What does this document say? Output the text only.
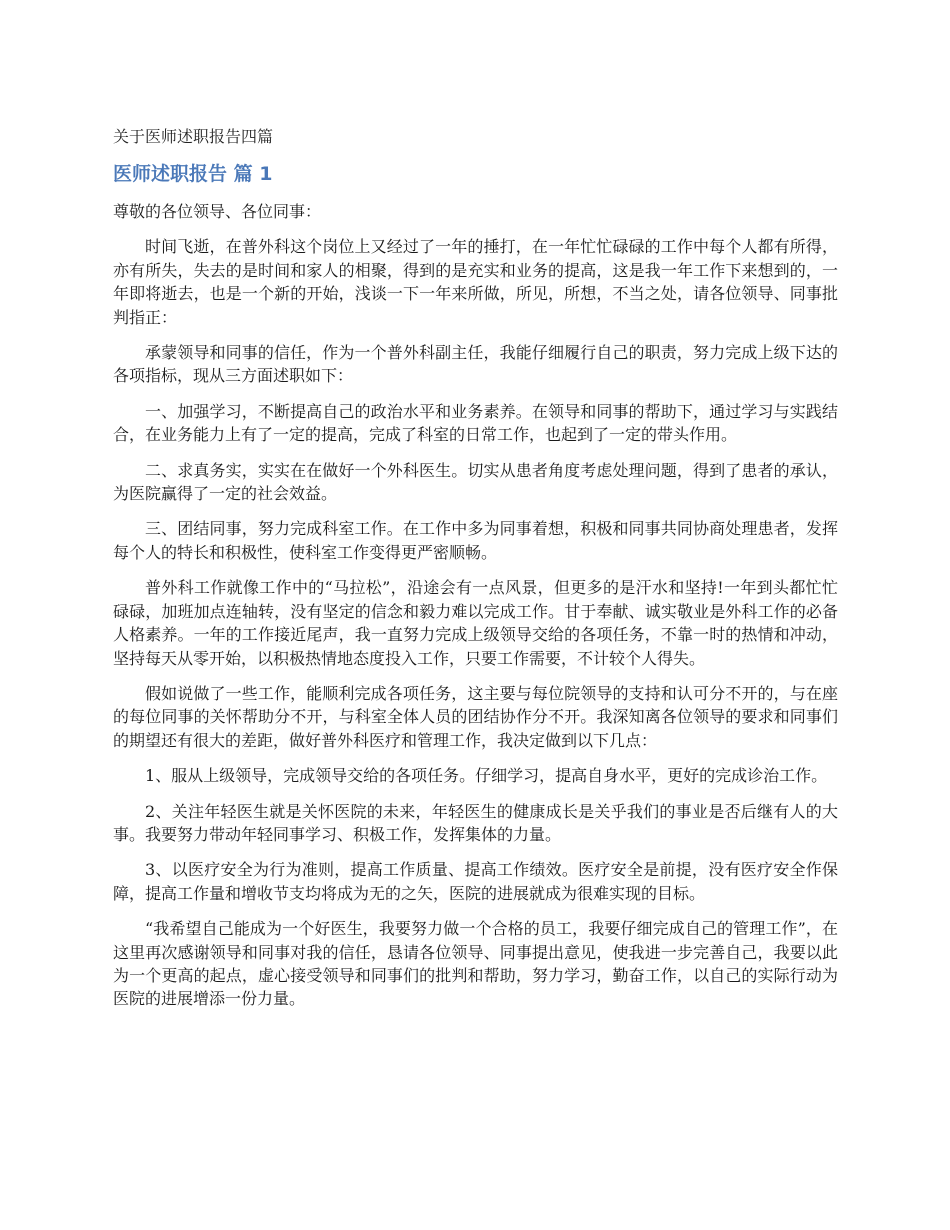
关于医师述职报告四篇
医师述职报告 篇 1

尊敬的各位领导、各位同事：

时间飞逝，在普外科这个岗位上又经过了一年的捶打，在一年忙忙碌碌的工作中每个人都有所得，亦有所失，失去的是时间和家人的相聚，得到的是充实和业务的提高，这是我一年工作下来想到的，一年即将逝去，也是一个新的开始，浅谈一下一年来所做，所见，所想，不当之处，请各位领导、同事批判指正：

承蒙领导和同事的信任，作为一个普外科副主任，我能仔细履行自己的职责，努力完成上级下达的各项指标，现从三方面述职如下：

一、加强学习，不断提高自己的政治水平和业务素养。在领导和同事的帮助下，通过学习与实践结合，在业务能力上有了一定的提高，完成了科室的日常工作，也起到了一定的带头作用。

二、求真务实，实实在在做好一个外科医生。切实从患者角度考虑处理问题，得到了患者的承认，为医院赢得了一定的社会效益。

三、团结同事，努力完成科室工作。在工作中多为同事着想，积极和同事共同协商处理患者，发挥每个人的特长和积极性，使科室工作变得更严密顺畅。

普外科工作就像工作中的“马拉松”，沿途会有一点风景，但更多的是汗水和坚持!一年到头都忙忙碌碌，加班加点连轴转，没有坚定的信念和毅力难以完成工作。甘于奉献、诚实敬业是外科工作的必备人格素养。一年的工作接近尾声，我一直努力完成上级领导交给的各项任务，不靠一时的热情和冲动，坚持每天从零开始，以积极热情地态度投入工作，只要工作需要，不计较个人得失。

假如说做了一些工作，能顺利完成各项任务，这主要与每位院领导的支持和认可分不开的，与在座的每位同事的关怀帮助分不开，与科室全体人员的团结协作分不开。我深知离各位领导的要求和同事们的期望还有很大的差距，做好普外科医疗和管理工作，我决定做到以下几点：

1、服从上级领导，完成领导交给的各项任务。仔细学习，提高自身水平，更好的完成诊治工作。

2、关注年轻医生就是关怀医院的未来，年轻医生的健康成长是关乎我们的事业是否后继有人的大事。我要努力带动年轻同事学习、积极工作，发挥集体的力量。

3、以医疗安全为行为准则，提高工作质量、提高工作绩效。医疗安全是前提，没有医疗安全作保障，提高工作量和增收节支均将成为无的之矢，医院的进展就成为很难实现的目标。

“我希望自己能成为一个好医生，我要努力做一个合格的员工，我要仔细完成自己的管理工作”，在这里再次感谢领导和同事对我的信任，恳请各位领导、同事提出意见，使我进一步完善自己，我要以此为一个更高的起点，虚心接受领导和同事们的批判和帮助，努力学习，勤奋工作，以自己的实际行动为医院的进展增添一份力量。
